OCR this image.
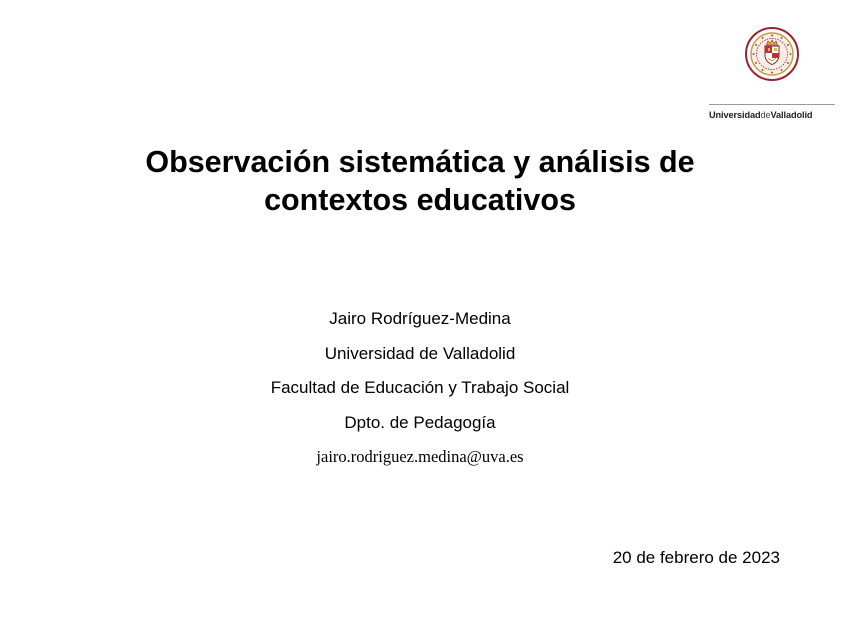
UniversidaddeValladolid
Observación sistemática y análisis de
contextos educativos
Jairo Rodríguez-Medina
Universidad de Valladolid
Facultad de Educación y Trabajo Social
Dpto. de Pedagogía
jairo.rodriguez.medina@uva.es
20 de febrero de 2023
